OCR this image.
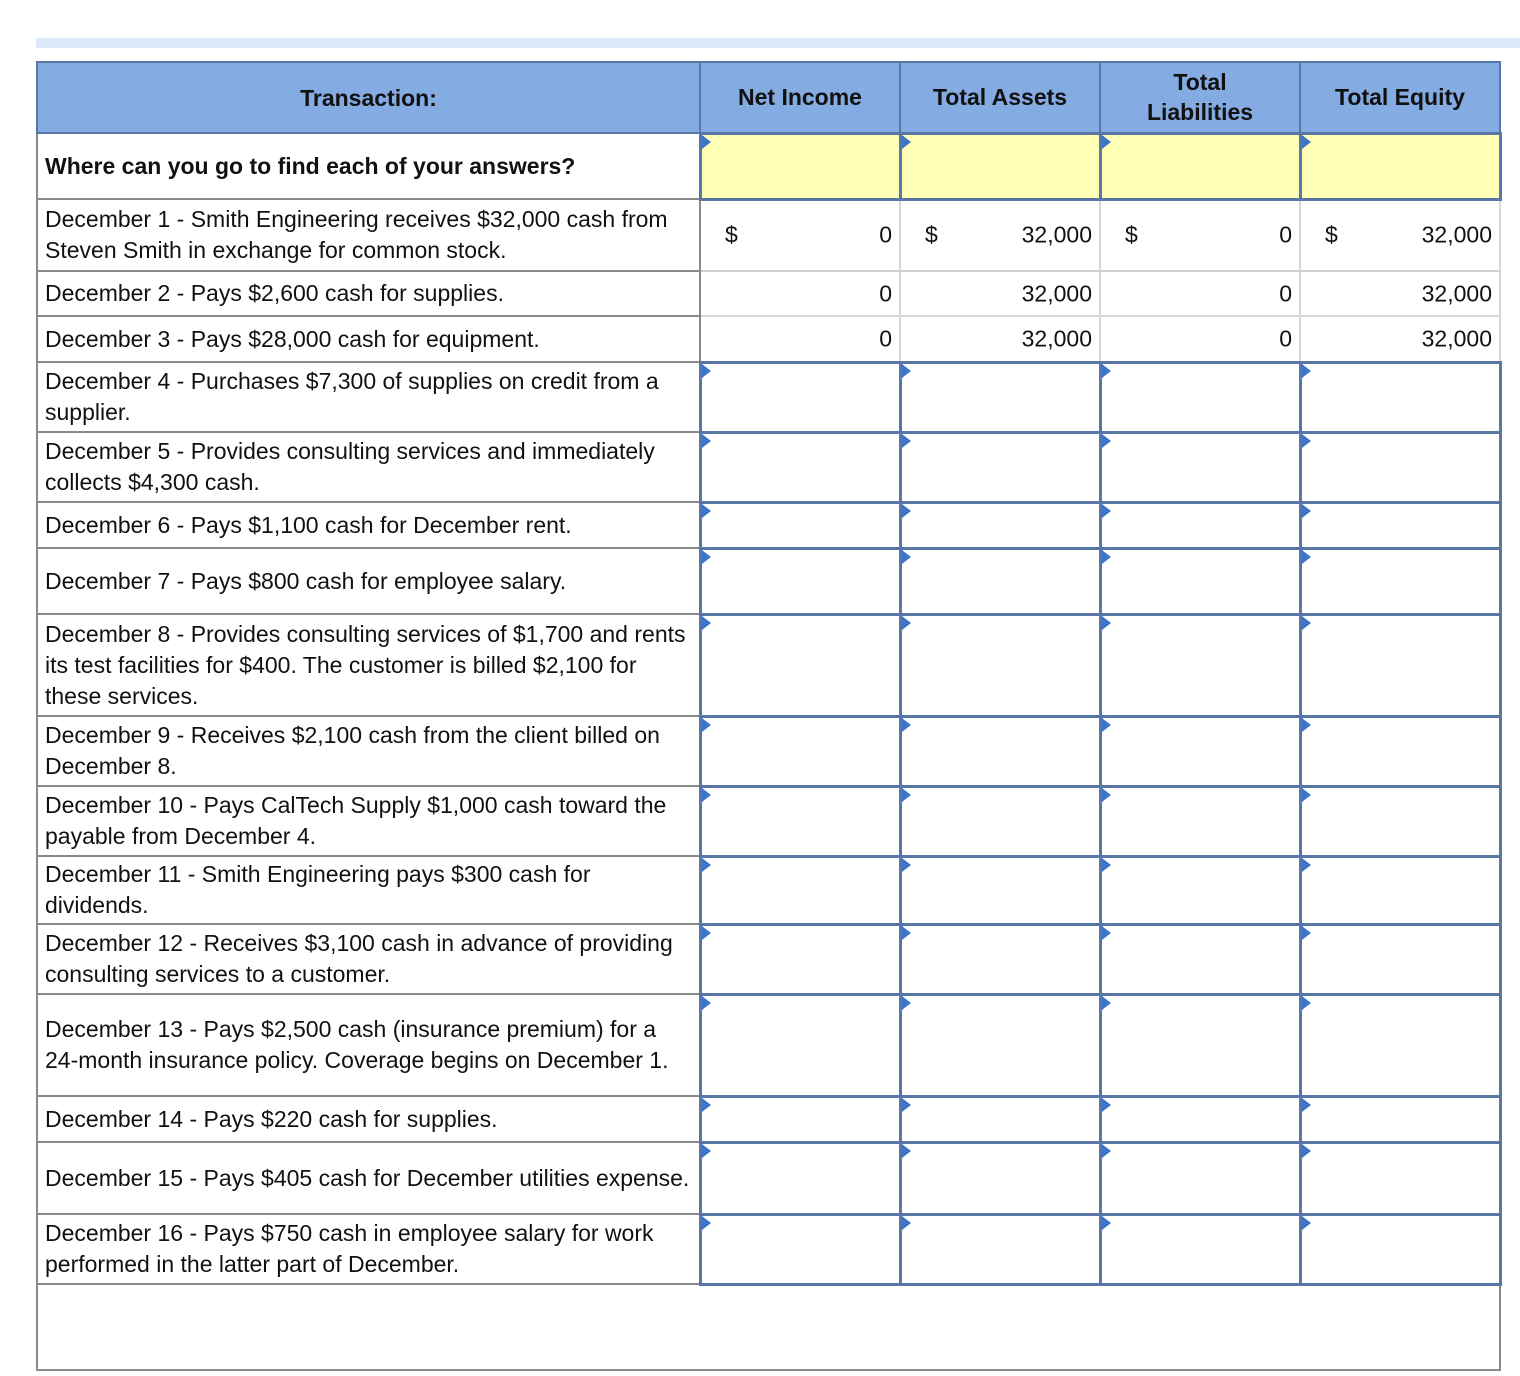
Transaction:	Net Income	Total Assets	Total Liabilities	Total Equity
Where can you go to find each of your answers?				
December 1 - Smith Engineering receives $32,000 cash from Steven Smith in exchange for common stock.	$ 0	$ 32,000	$ 0	$ 32,000

December 2 - Pays $2,600 cash for supplies.	0	32,000	0	32,000

December 3 - Pays $28,000 cash for equipment.	0	32,000	0	32,000

December 4 - Purchases $7,300 of supplies on credit from a supplier.				
December 5 - Provides consulting services and immediately collects $4,300 cash.				
December 6 - Pays $1,100 cash for December rent.				
December 7 - Pays $800 cash for employee salary.				
December 8 - Provides consulting services of $1,700 and rents its test facilities for $400. The customer is billed $2,100 for these services.				
December 9 - Receives $2,100 cash from the client billed on December 8.				
December 10 - Pays CalTech Supply $1,000 cash toward the payable from December 4.				
December 11 - Smith Engineering pays $300 cash for dividends.				
December 12 - Receives $3,100 cash in advance of providing consulting services to a customer.				
December 13 - Pays $2,500 cash (insurance premium) for a 24-month insurance policy. Coverage begins on December 1.				
December 14 - Pays $220 cash for supplies.				
December 15 - Pays $405 cash for December utilities expense.				
December 16 - Pays $750 cash in employee salary for work performed in the latter part of December.				
